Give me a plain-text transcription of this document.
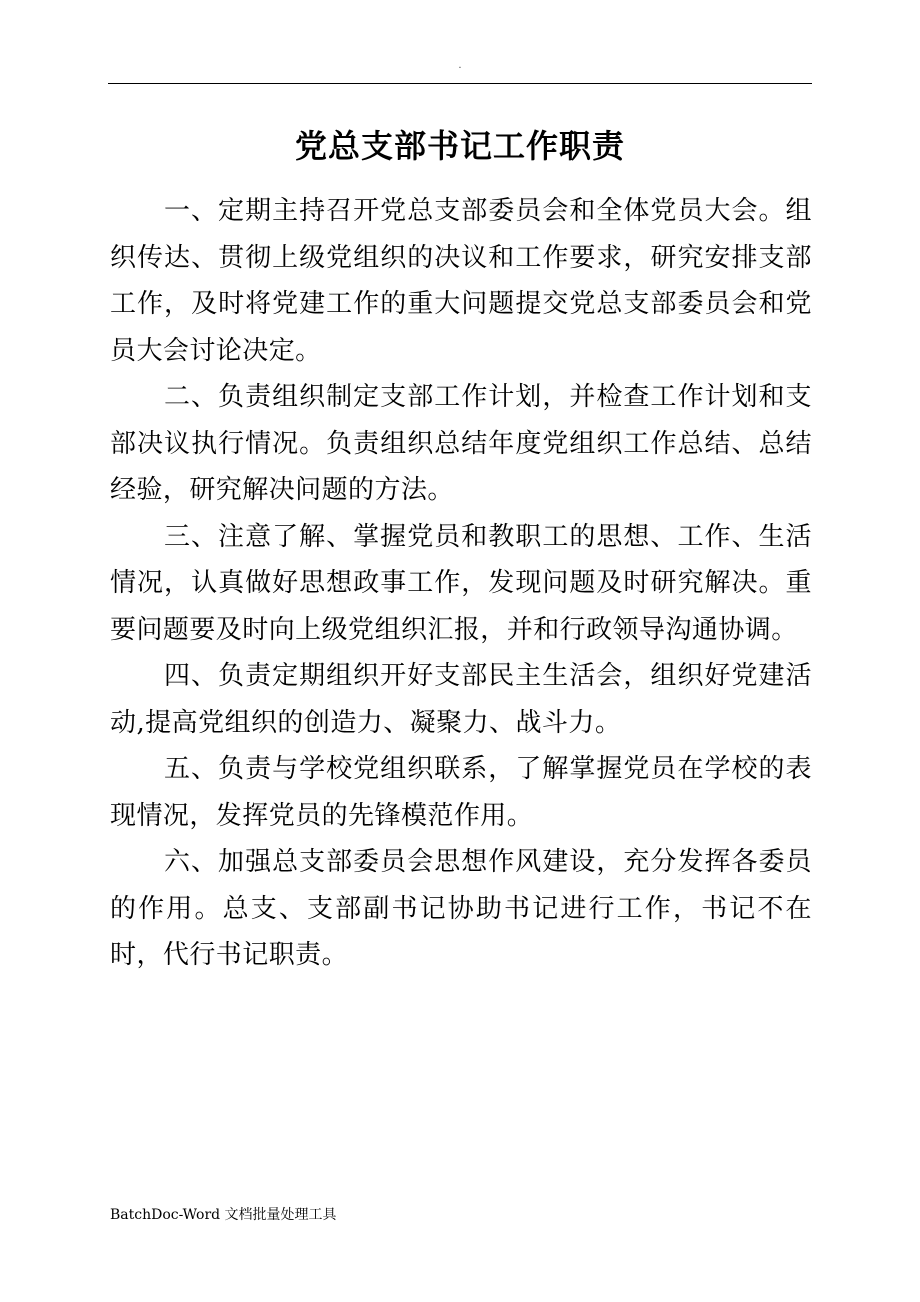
.
党总支部书记工作职责

一、定期主持召开党总支部委员会和全体党员大会。组织传达、贯彻上级党组织的决议和工作要求，研究安排支部工作，及时将党建工作的重大问题提交党总支部委员会和党员大会讨论决定。

二、负责组织制定支部工作计划，并检查工作计划和支部决议执行情况。负责组织总结年度党组织工作总结、总结经验，研究解决问题的方法。

三、注意了解、掌握党员和教职工的思想、工作、生活情况，认真做好思想政事工作，发现问题及时研究解决。重要问题要及时向上级党组织汇报，并和行政领导沟通协调。

四、负责定期组织开好支部民主生活会，组织好党建活动,提高党组织的创造力、凝聚力、战斗力。

五、负责与学校党组织联系，了解掌握党员在学校的表现情况，发挥党员的先锋模范作用。

六、加强总支部委员会思想作风建设，充分发挥各委员的作用。总支、支部副书记协助书记进行工作，书记不在时，代行书记职责。

BatchDoc-Word 文档批量处理工具
